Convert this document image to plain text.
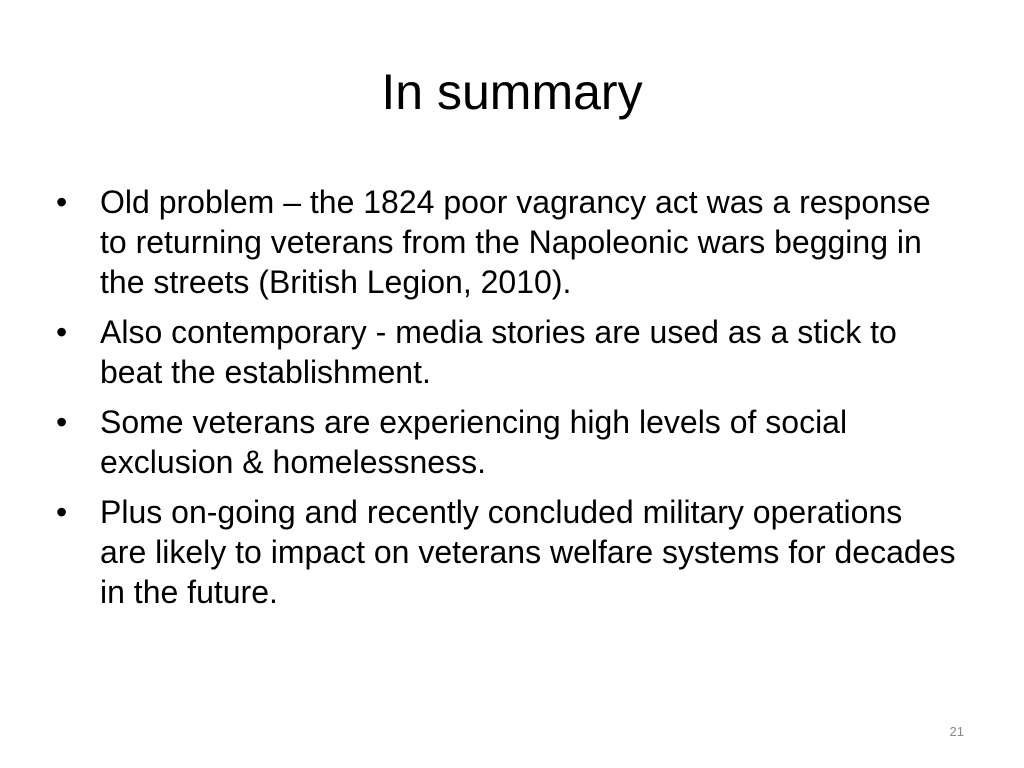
In summary
•	Old problem – the 1824 poor vagrancy act was a response to returning veterans from the Napoleonic wars begging in the streets (British Legion, 2010).
•	Also contemporary - media stories are used as a stick to beat the establishment.
•	Some veterans are experiencing high levels of social exclusion & homelessness.
•	Plus on-going and recently concluded military operations are likely to impact on veterans welfare systems for decades in the future.
21
